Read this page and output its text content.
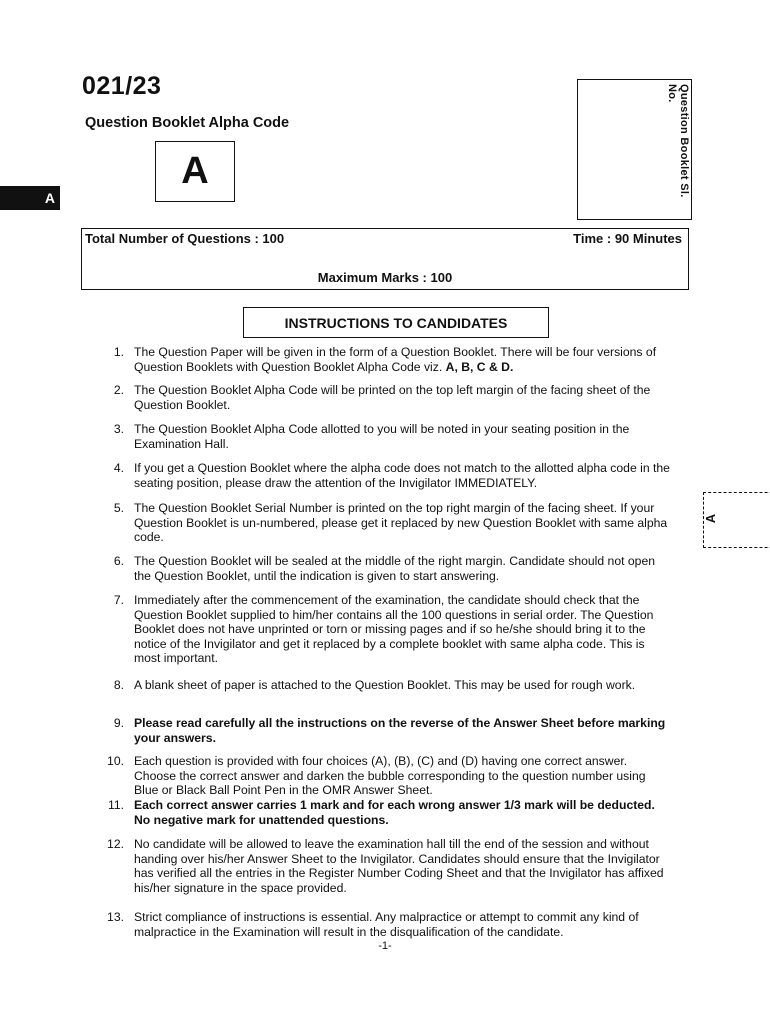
021/23
Question Booklet Alpha Code
A
A
Question Booklet Sl. No.
Total Number of Questions : 100	Time : 90 Minutes
Maximum Marks : 100
INSTRUCTIONS TO CANDIDATES
1. The Question Paper will be given in the form of a Question Booklet. There will be four versions of Question Booklets with Question Booklet Alpha Code viz. A, B, C & D.
2. The Question Booklet Alpha Code will be printed on the top left margin of the facing sheet of the Question Booklet.
3. The Question Booklet Alpha Code allotted to you will be noted in your seating position in the Examination Hall.
4. If you get a Question Booklet where the alpha code does not match to the allotted alpha code in the seating position, please draw the attention of the Invigilator IMMEDIATELY.
5. The Question Booklet Serial Number is printed on the top right margin of the facing sheet. If your Question Booklet is un-numbered, please get it replaced by new Question Booklet with same alpha code.
6. The Question Booklet will be sealed at the middle of the right margin. Candidate should not open the Question Booklet, until the indication is given to start answering.
7. Immediately after the commencement of the examination, the candidate should check that the Question Booklet supplied to him/her contains all the 100 questions in serial order. The Question Booklet does not have unprinted or torn or missing pages and if so he/she should bring it to the notice of the Invigilator and get it replaced by a complete booklet with same alpha code. This is most important.
8. A blank sheet of paper is attached to the Question Booklet. This may be used for rough work.
9. Please read carefully all the instructions on the reverse of the Answer Sheet before marking your answers.
10. Each question is provided with four choices (A), (B), (C) and (D) having one correct answer. Choose the correct answer and darken the bubble corresponding to the question number using Blue or Black Ball Point Pen in the OMR Answer Sheet.
11. Each correct answer carries 1 mark and for each wrong answer 1/3 mark will be deducted. No negative mark for unattended questions.
12. No candidate will be allowed to leave the examination hall till the end of the session and without handing over his/her Answer Sheet to the Invigilator. Candidates should ensure that the Invigilator has verified all the entries in the Register Number Coding Sheet and that the Invigilator has affixed his/her signature in the space provided.
13. Strict compliance of instructions is essential. Any malpractice or attempt to commit any kind of malpractice in the Examination will result in the disqualification of the candidate.
A
-1-
